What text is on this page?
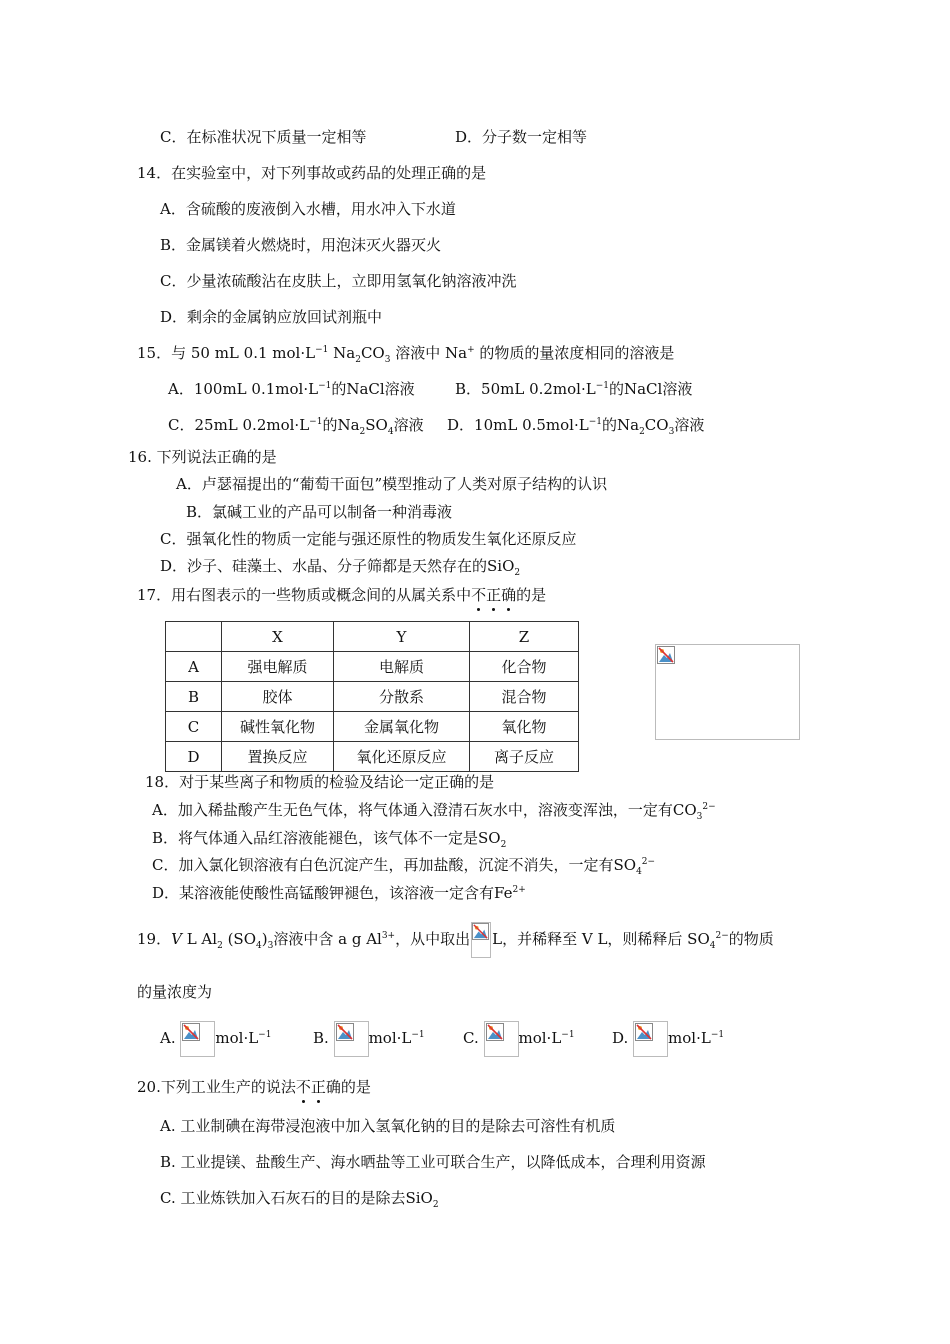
C．在标准状况下质量一定相等	D．分子数一定相等
14．在实验室中，对下列事故或药品的处理正确的是
A．含硫酸的废液倒入水槽，用水冲入下水道
B．金属镁着火燃烧时，用泡沫灭火器灭火
C．少量浓硫酸沾在皮肤上，立即用氢氧化钠溶液冲洗
D．剩余的金属钠应放回试剂瓶中
15．与 50 mL 0.1 $mol\cdot L^{-1}$ $Na_2CO_3$ 溶液中 Na+ 的物质的量浓度相同的溶液是
A．100mL $0.1mol\cdot L^{-1}$的NaCl溶液	B．50mL $0.2mol\cdot L^{-1}$的NaCl溶液
C．25mL $0.2mol\cdot L^{-1}$的$Na_2SO_4$溶液 D．10mL $0.5mol\cdot L^{-1}$的$Na_2CO_3$溶液
16. 下列说法正确的是
A．卢瑟福提出的“葡萄干面包”模型推动了人类对原子结构的认识
B．氯碱工业的产品可以制备一种消毒液
C．强氧化性的物质一定能与强还原性的物质发生氧化还原反应
D．沙子、硅藻土、水晶、分子筛都是天然存在的SiO$_2$
17．用右图表示的一些物质或概念间的从属关系中不正确的是
	X	Y	Z
A	强电解质	电解质	化合物
B	胶体	分散系	混合物
C	碱性氧化物	金属氧化物	氧化物
D	置换反应	氧化还原反应	离子反应
18．对于某些离子和物质的检验及结论一定正确的是
A．加入稀盐酸产生无色气体，将气体通入澄清石灰水中，溶液变浑浊，一定有$CO_3^{2-}$
B．将气体通入品红溶液能褪色，该气体不一定是$SO_2$
C．加入氯化钡溶液有白色沉淀产生，再加盐酸，沉淀不消失，一定有$SO_4^{2-}$
D．某溶液能使酸性高锰酸钾褪色，该溶液一定含有$Fe^{2+}$
19．V L $Al_2$ $(SO_4)_3$溶液中含 a g $Al^{3+}$，从中取出 L，并稀释至 V L，则稀释后 $SO_4^{2-}$的物质
的量浓度为
A.	$mol\cdot L^{-1}$	B.	$mol\cdot L^{-1}$	C.	$mol\cdot L^{-1}$ D.	$mol\cdot L^{-1}$
20.下列工业生产的说法不正确的是
A. 工业制碘在海带浸泡液中加入氢氧化钠的目的是除去可溶性有机质
B. 工业提镁、盐酸生产、海水晒盐等工业可联合生产，以降低成本，合理利用资源
C. 工业炼铁加入石灰石的目的是除去SiO$_2$
